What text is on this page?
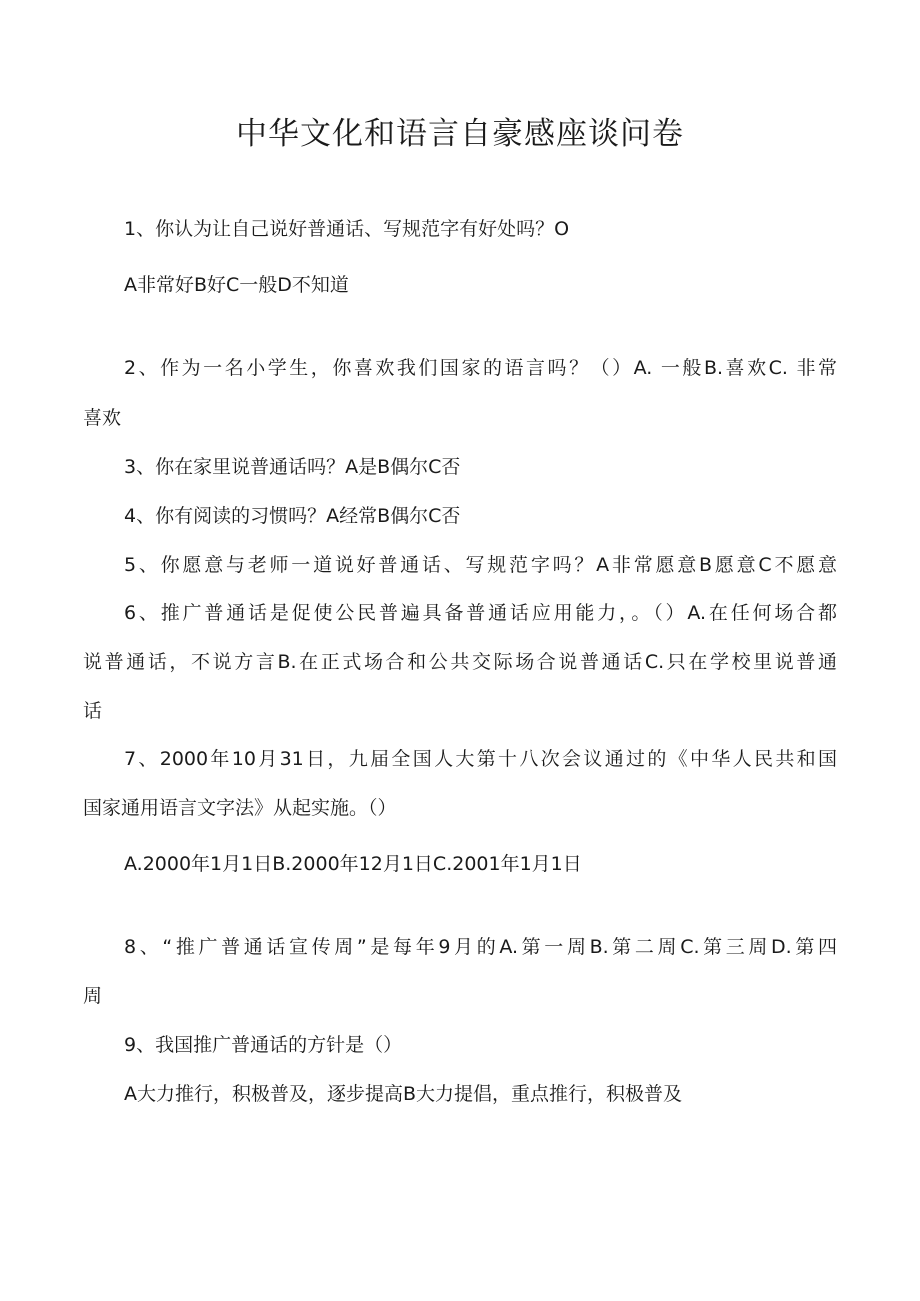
中华文化和语言自豪感座谈问卷
1、你认为让自己说好普通话、写规范字有好处吗？O
A非常好B好C一般D不知道
2、作为一名小学生，你喜欢我们国家的语言吗？（）A. 一般B.喜欢C. 非常
喜欢
3、你在家里说普通话吗？A是B偶尔C否
4、你有阅读的习惯吗？A经常B偶尔C否
5、你愿意与老师一道说好普通话、写规范字吗？A非常愿意B愿意C不愿意
6、推广普通话是促使公民普遍具备普通话应用能力，。（）A.在任何场合都
说普通话，不说方言B.在正式场合和公共交际场合说普通话C.只在学校里说普通
话
7、2000年10月31日，九届全国人大第十八次会议通过的《中华人民共和国
国家通用语言文字法》从起实施。（）
A.2000年1月1日B.2000年12月1日C.2001年1月1日
8、“推广普通话宣传周”是每年9月的A.第一周B.第二周C.第三周D.第四
周
9、我国推广普通话的方针是（）
A大力推行，积极普及，逐步提高B大力提倡，重点推行，积极普及
